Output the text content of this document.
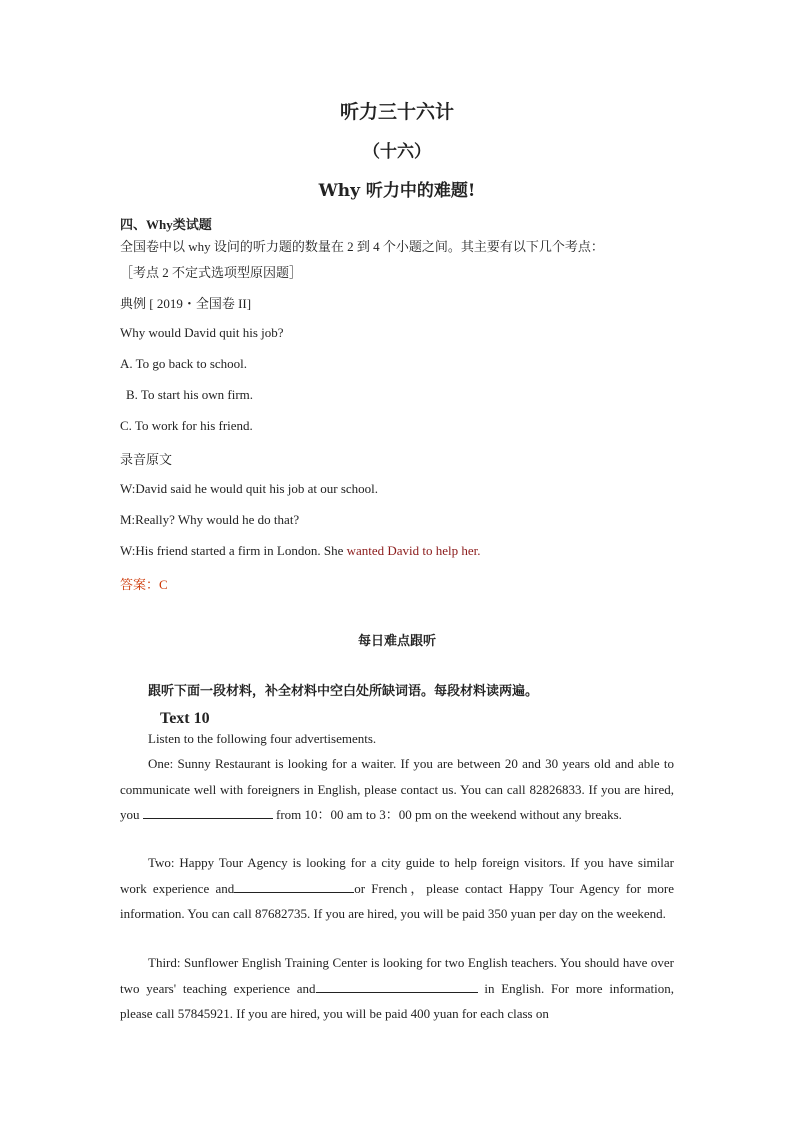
听力三十六计
（十六）
Why 听力中的难题!
四、Why类试题
全国卷中以 why 设问的听力题的数量在 2 到 4 个小题之间。其主要有以下几个考点：
［考点 2 不定式选项型原因题］
典例 [ 2019・全国卷 II]
Why would David quit his job?
A. To go back to school.
B. To start his own firm.
C. To work for his friend.
录音原文
W:David said he would quit his job at our school.
M:Really? Why would he do that?
W:His friend started a firm in London. She wanted David to help her.
答案：C
每日难点跟听
跟听下面一段材料，补全材料中空白处所缺词语。每段材料读两遍。
Text 10
Listen to the following four advertisements.
One: Sunny Restaurant is looking for a waiter. If you are between 20 and 30 years old and able to communicate well with foreigners in English, please contact us. You can call 82826833. If you are hired, you	from 10：00 am to 3：00 pm on the weekend without any breaks.
Two: Happy Tour Agency is looking for a city guide to help foreign visitors. If you have similar work experience and	or French，please contact Happy Tour Agency for more information. You can call 87682735. If you are hired, you will be paid 350 yuan per day on the weekend.
Third: Sunflower English Training Center is looking for two English teachers. You should have over two years' teaching experience and	in English. For more information, please call 57845921. If you are hired, you will be paid 400 yuan for each class on
